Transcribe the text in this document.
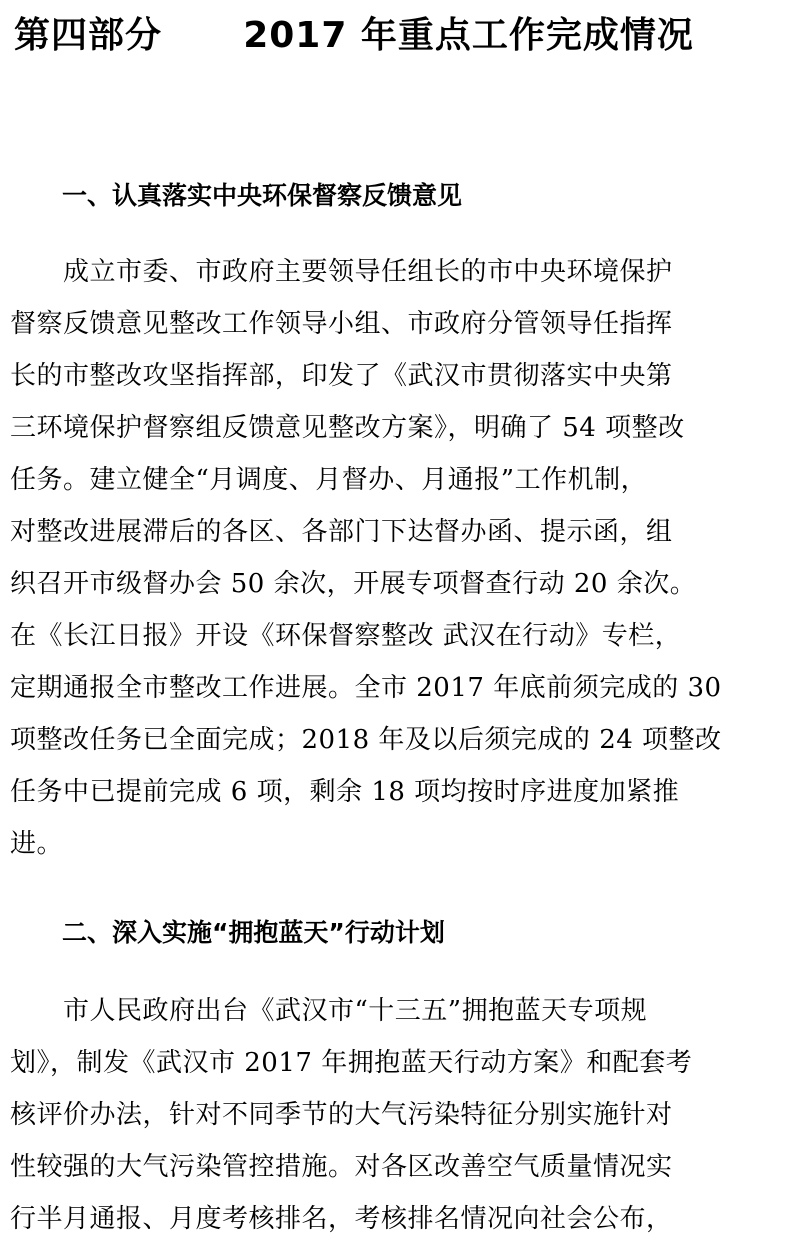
第四部分      2017 年重点工作完成情况
一、认真落实中央环保督察反馈意见
　　成立市委、市政府主要领导任组长的市中央环境保护
督察反馈意见整改工作领导小组、市政府分管领导任指挥
长的市整改攻坚指挥部，印发了《武汉市贯彻落实中央第
三环境保护督察组反馈意见整改方案》，明确了 54 项整改
任务。建立健全“月调度、月督办、月通报”工作机制，
对整改进展滞后的各区、各部门下达督办函、提示函，组
织召开市级督办会 50 余次，开展专项督查行动 20 余次。
在《长江日报》开设《环保督察整改 武汉在行动》专栏，
定期通报全市整改工作进展。全市 2017 年底前须完成的 30
项整改任务已全面完成；2018 年及以后须完成的 24 项整改
任务中已提前完成 6 项，剩余 18 项均按时序进度加紧推
进。
二、深入实施“拥抱蓝天”行动计划
　　市人民政府出台《武汉市“十三五”拥抱蓝天专项规
划》，制发《武汉市 2017 年拥抱蓝天行动方案》和配套考
核评价办法，针对不同季节的大气污染特征分别实施针对
性较强的大气污染管控措施。对各区改善空气质量情况实
行半月通报、月度考核排名，考核排名情况向社会公布，
